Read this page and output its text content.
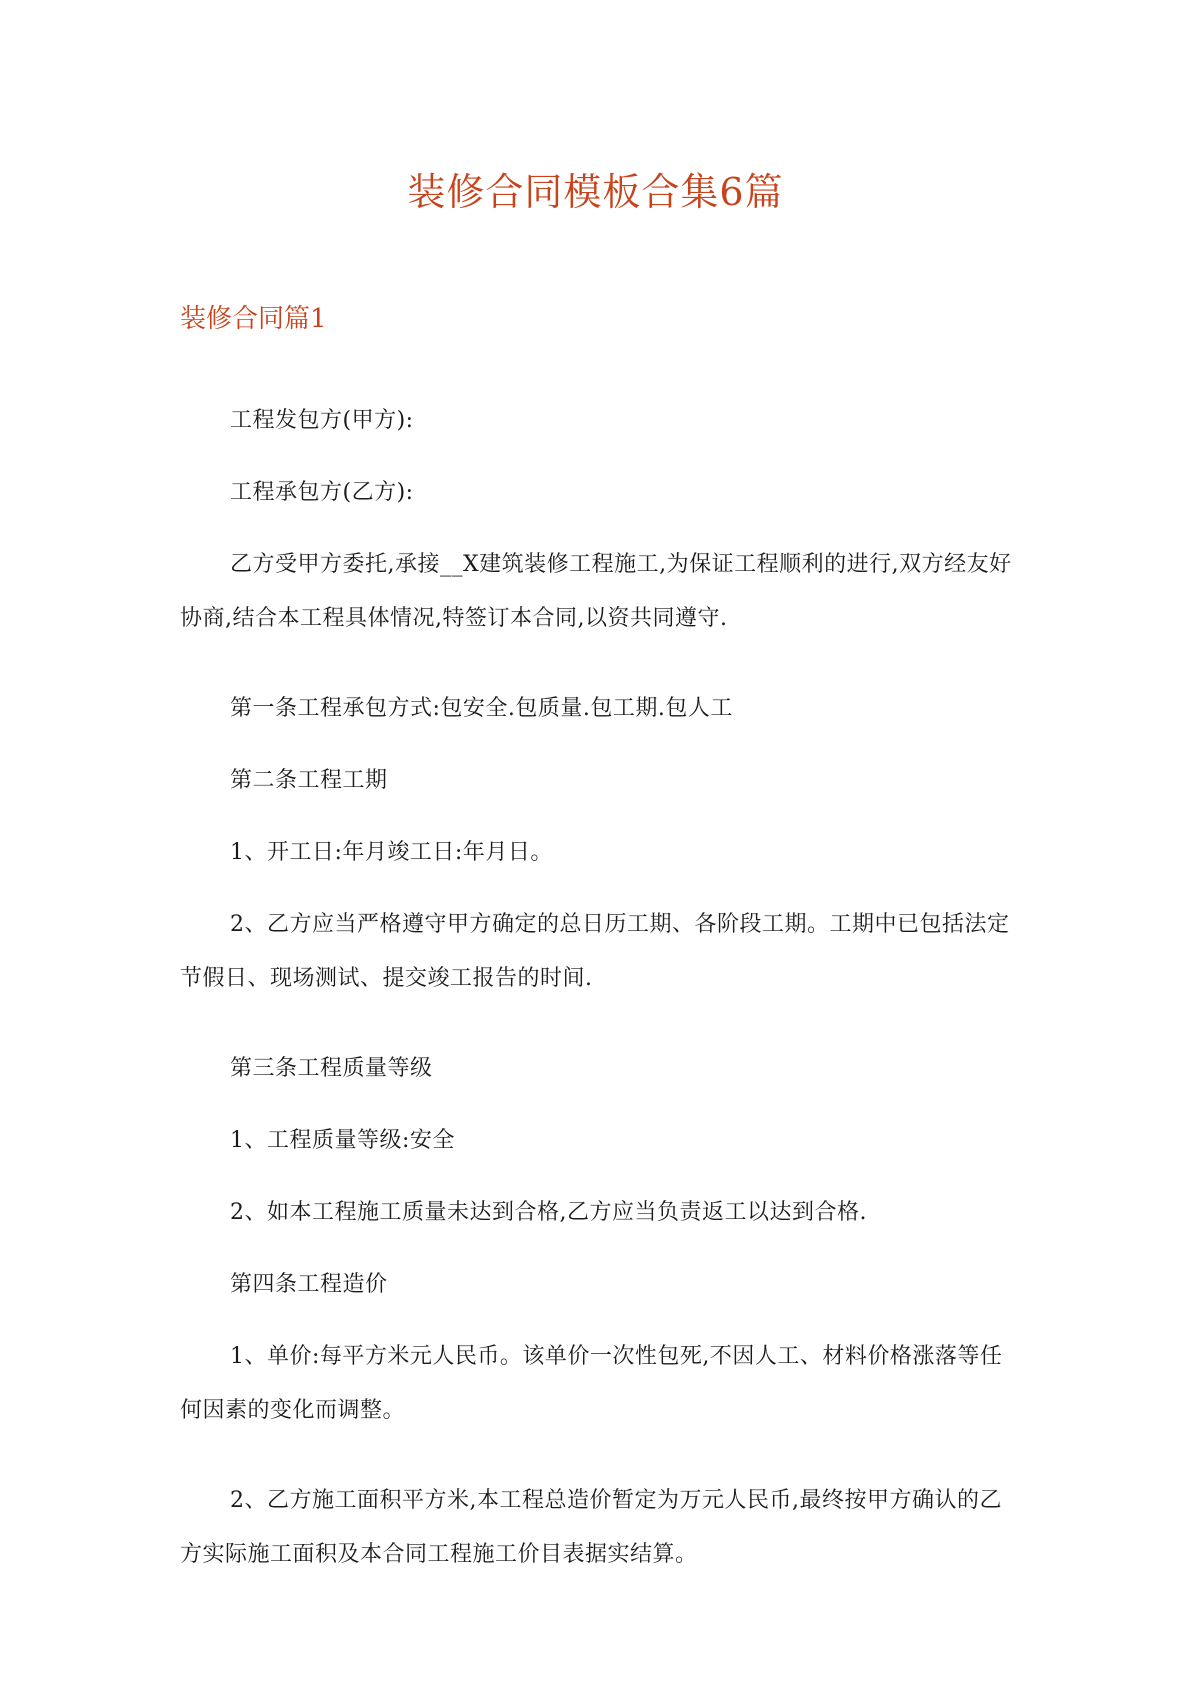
装修合同模板合集6篇
装修合同篇1

工程发包方(甲方):

工程承包方(乙方):

乙方受甲方委托,承接__X建筑装修工程施工,为保证工程顺利的进行,双方经友好协商,结合本工程具体情况,特签订本合同,以资共同遵守.

第一条工程承包方式:包安全.包质量.包工期.包人工

第二条工程工期

1、开工日:年月竣工日:年月日。

2、乙方应当严格遵守甲方确定的总日历工期、各阶段工期。工期中已包括法定节假日、现场测试、提交竣工报告的时间.

第三条工程质量等级

1、工程质量等级:安全

2、如本工程施工质量未达到合格,乙方应当负责返工以达到合格.

第四条工程造价

1、单价:每平方米元人民币。该单价一次性包死,不因人工、材料价格涨落等任何因素的变化而调整。

2、乙方施工面积平方米,本工程总造价暂定为万元人民币,最终按甲方确认的乙方实际施工面积及本合同工程施工价目表据实结算。
